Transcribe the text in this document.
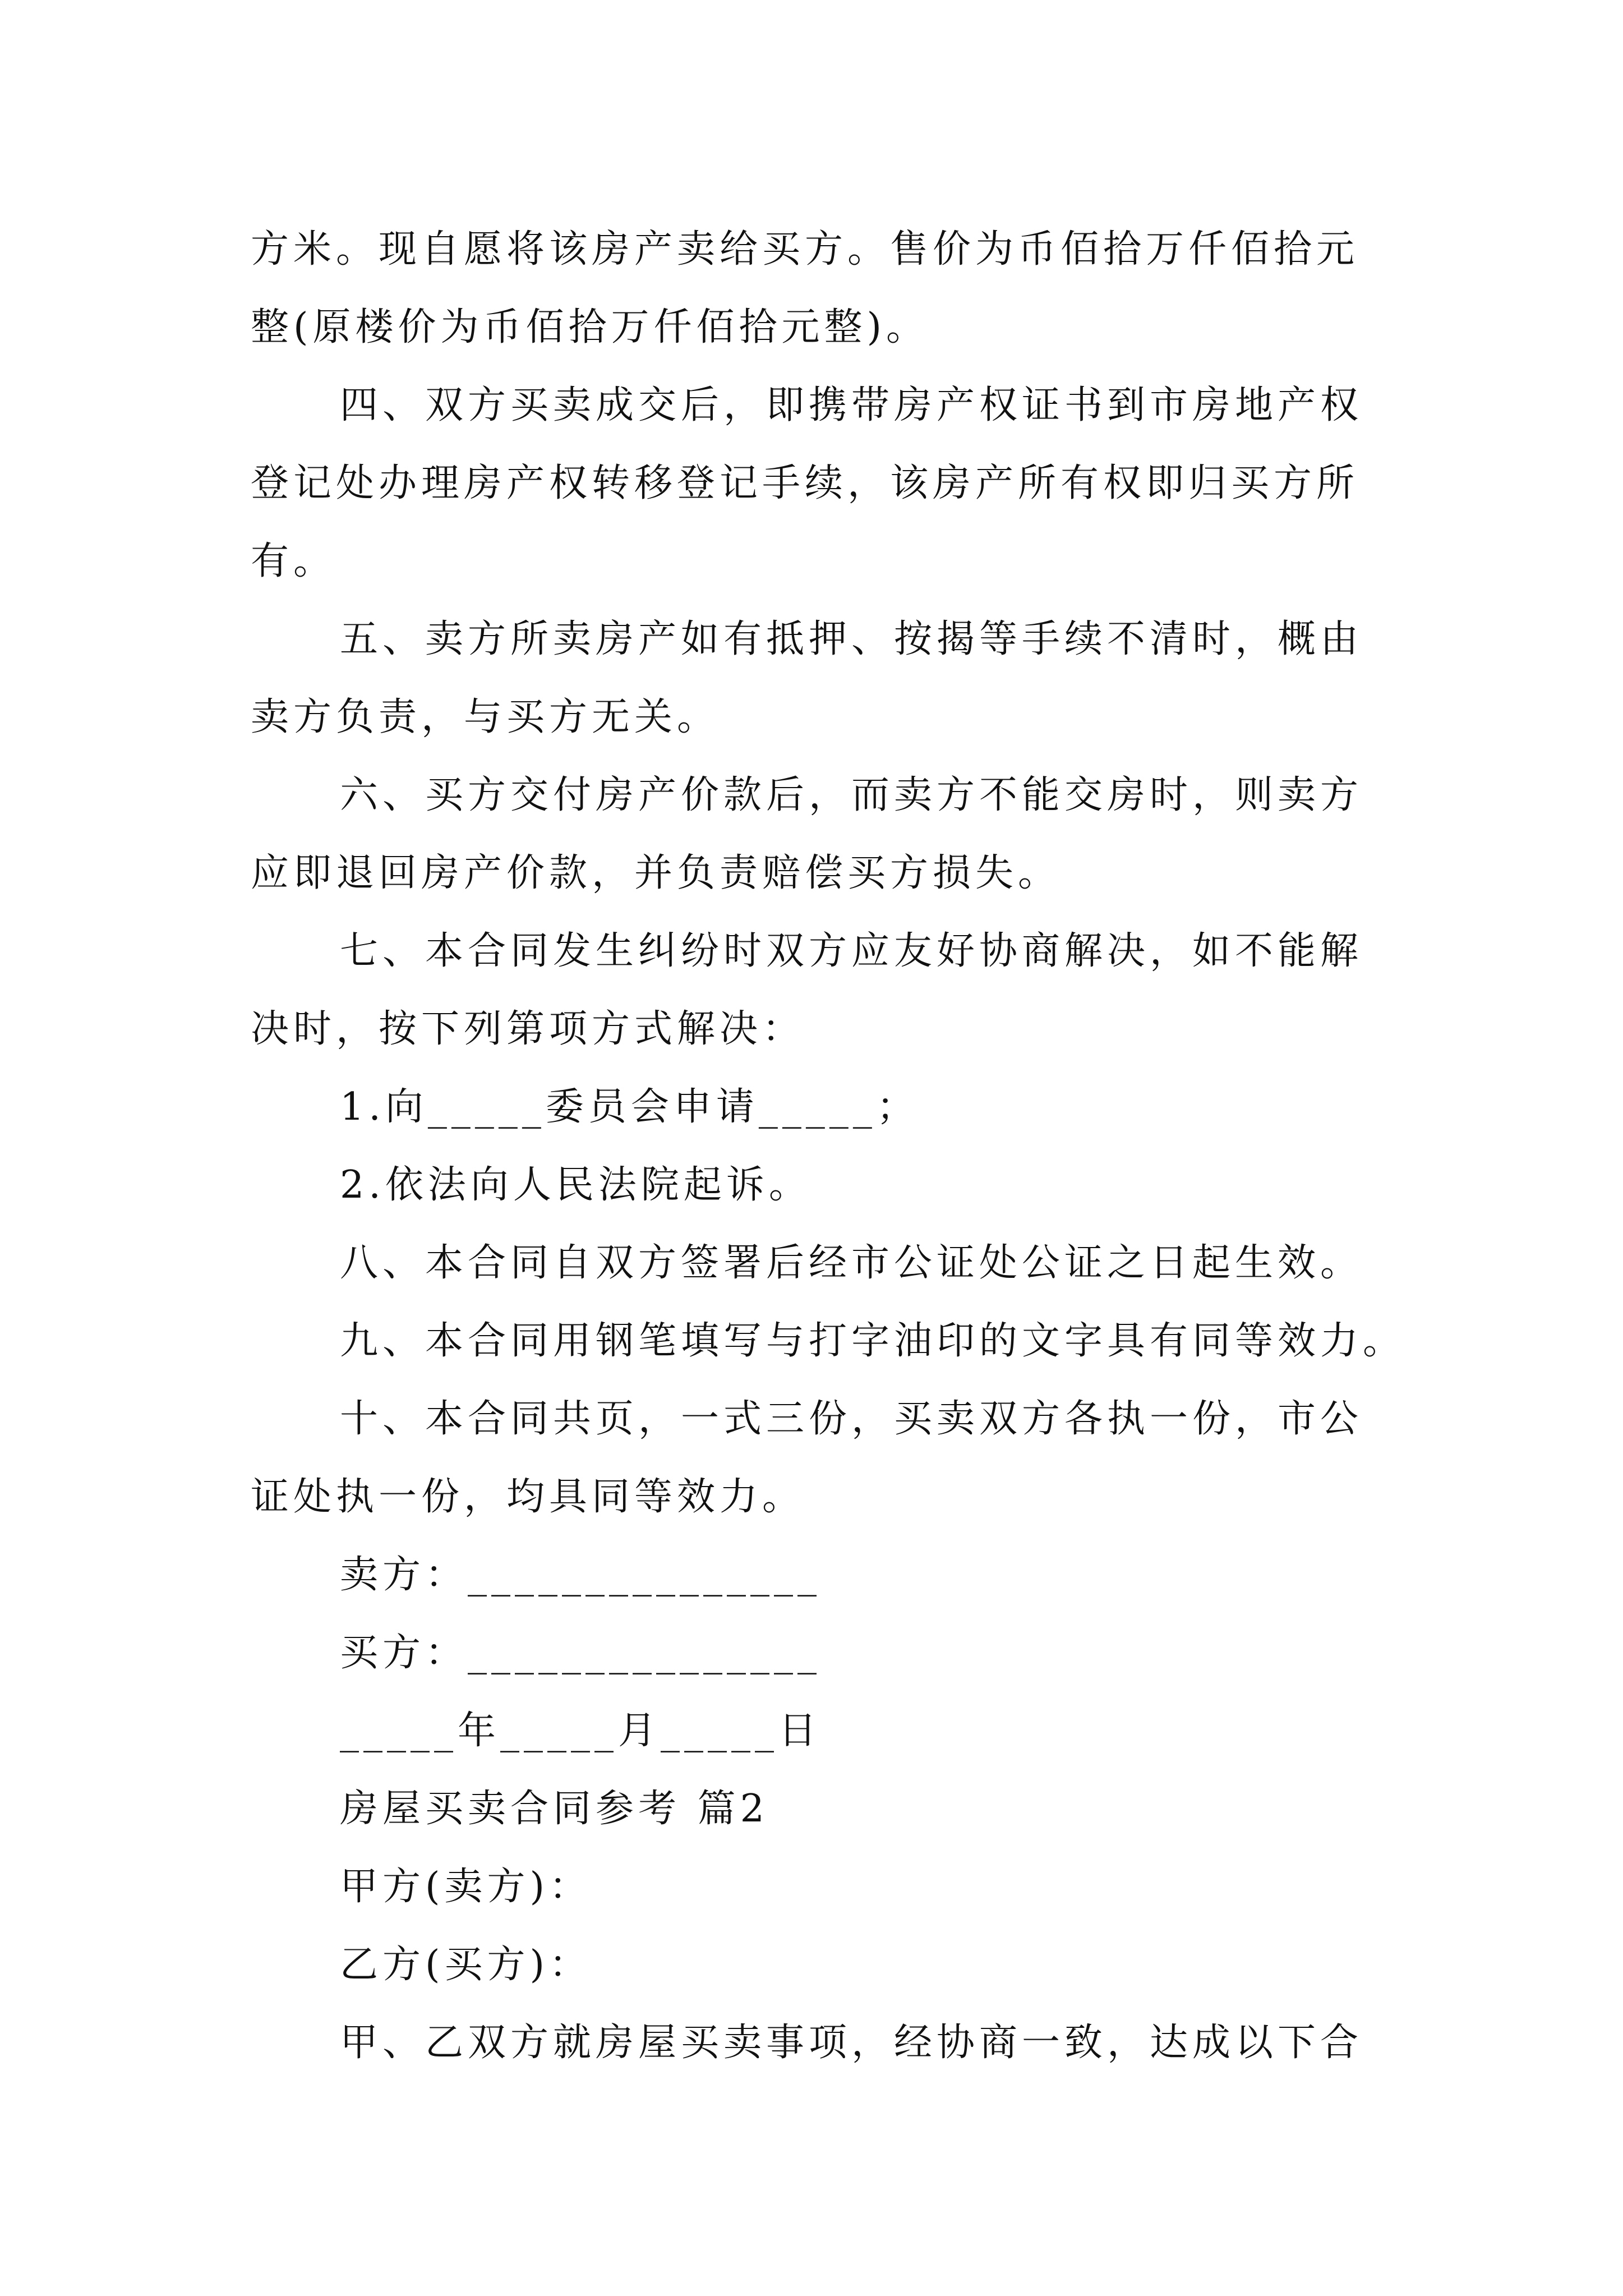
方米。现自愿将该房产卖给买方。售价为币佰拾万仟佰拾元

整(原楼价为币佰拾万仟佰拾元整)。

四、双方买卖成交后，即携带房产权证书到市房地产权

登记处办理房产权转移登记手续，该房产所有权即归买方所

有。

五、卖方所卖房产如有抵押、按揭等手续不清时，概由

卖方负责，与买方无关。

六、买方交付房产价款后，而卖方不能交房时，则卖方

应即退回房产价款，并负责赔偿买方损失。

七、本合同发生纠纷时双方应友好协商解决，如不能解

决时，按下列第项方式解决：

1.向_____委员会申请_____；

2.依法向人民法院起诉。

八、本合同自双方签署后经市公证处公证之日起生效。

九、本合同用钢笔填写与打字油印的文字具有同等效力。

十、本合同共页，一式三份，买卖双方各执一份，市公

证处执一份，均具同等效力。

卖方：_______________

买方：_______________

_____年_____月_____日

房屋买卖合同参考 篇2

甲方(卖方)：

乙方(买方)：

甲、乙双方就房屋买卖事项，经协商一致，达成以下合
